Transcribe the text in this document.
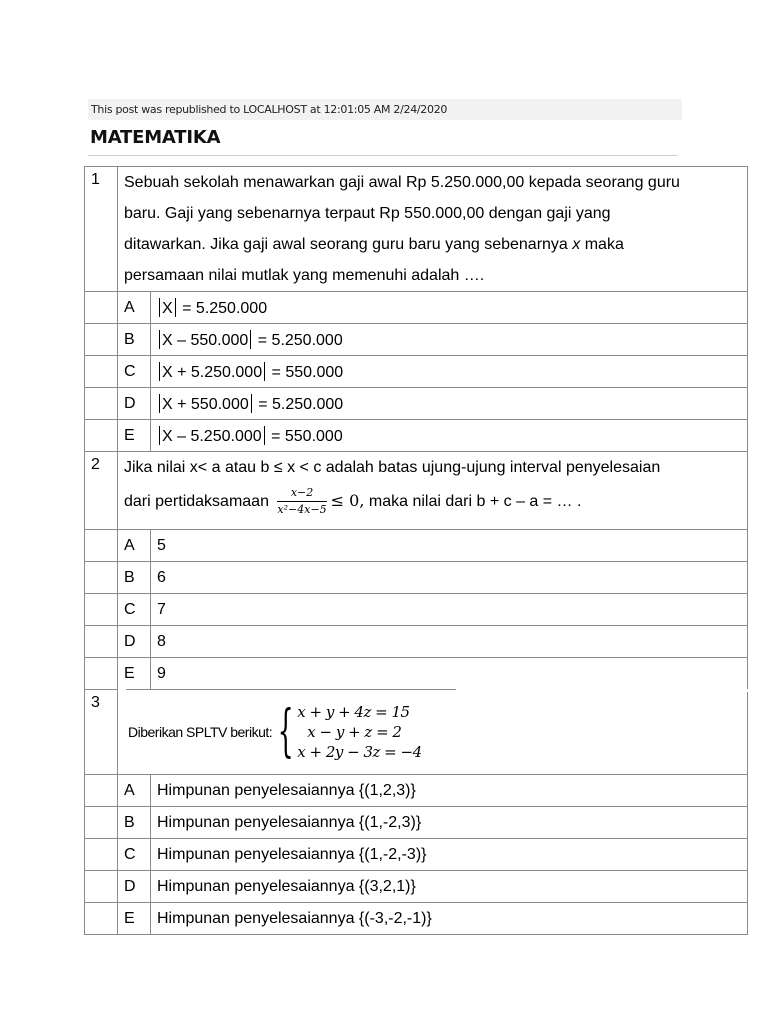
This post was republished to LOCALHOST at 12:01:05 AM 2/24/2020
MATEMATIKA
1	Sebuah sekolah menawarkan gaji awal Rp 5.250.000,00 kepada seorang guru
baru. Gaji yang sebenarnya terpaut Rp 550.000,00 dengan gaji yang
ditawarkan. Jika gaji awal seorang guru baru yang sebenarnya x maka
persamaan nilai mutlak yang memenuhi adalah ….	

	A	X = 5.250.000
	B	X – 550.000 = 5.250.000
	C	X + 5.250.000 = 550.000
	D	X + 550.000 = 5.250.000
	E	X – 5.250.000 = 550.000
2	Jika nilai x< a atau b ≤ x < c adalah batas ujung-ujung interval penyelesaian
dari pertidaksamaan $\frac{x-2}{\text{x²−4x−5}} \le 0$, maka nilai dari b + c – a = … .	

	A	5
	B	6
	C	7
	D	8
	E	9
3	Diberikan SPLTV berikut: { x + y + 4z = 15
x − y + z = 2
x + 2y − 3z = −4	

	A	Himpunan penyelesaiannya {(1,2,3)}
	B	Himpunan penyelesaiannya {(1,-2,3)}
	C	Himpunan penyelesaiannya {(1,-2,-3)}
	D	Himpunan penyelesaiannya {(3,2,1)}
	E	Himpunan penyelesaiannya {(-3,-2,-1)}
